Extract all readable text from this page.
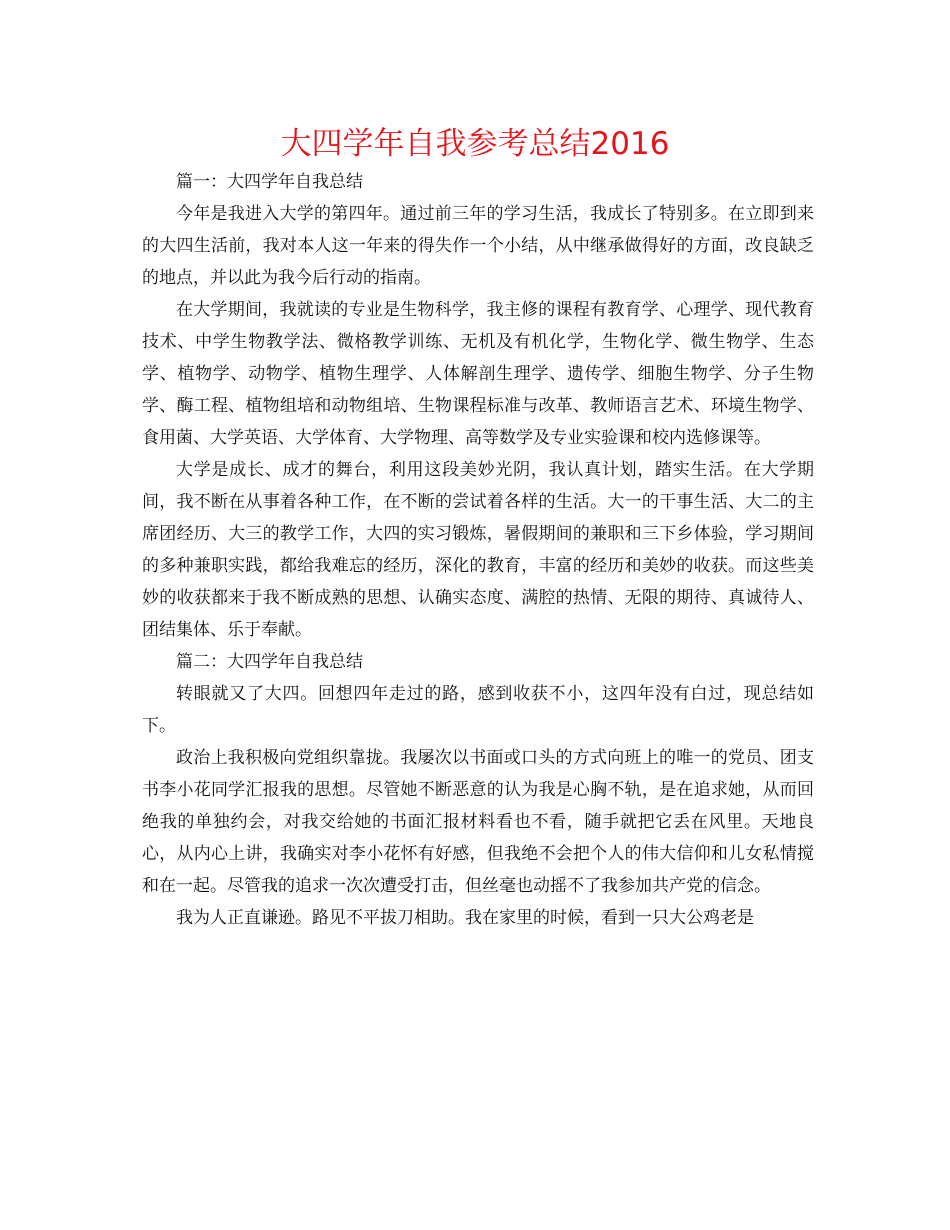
大四学年自我参考总结2016

篇一：大四学年自我总结

今年是我进入大学的第四年。通过前三年的学习生活，我成长了特别多。在立即到来的大四生活前，我对本人这一年来的得失作一个小结，从中继承做得好的方面，改良缺乏的地点，并以此为我今后行动的指南。

在大学期间，我就读的专业是生物科学，我主修的课程有教育学、心理学、现代教育技术、中学生物教学法、微格教学训练、无机及有机化学，生物化学、微生物学、生态学、植物学、动物学、植物生理学、人体解剖生理学、遗传学、细胞生物学、分子生物学、酶工程、植物组培和动物组培、生物课程标准与改革、教师语言艺术、环境生物学、食用菌、大学英语、大学体育、大学物理、高等数学及专业实验课和校内选修课等。

大学是成长、成才的舞台，利用这段美妙光阴，我认真计划，踏实生活。在大学期间，我不断在从事着各种工作，在不断的尝试着各样的生活。大一的干事生活、大二的主席团经历、大三的教学工作，大四的实习锻炼，暑假期间的兼职和三下乡体验，学习期间的多种兼职实践，都给我难忘的经历，深化的教育，丰富的经历和美妙的收获。而这些美妙的收获都来于我不断成熟的思想、认确实态度、满腔的热情、无限的期待、真诚待人、团结集体、乐于奉献。

篇二：大四学年自我总结

转眼就又了大四。回想四年走过的路，感到收获不小，这四年没有白过，现总结如下。

政治上我积极向党组织靠拢。我屡次以书面或口头的方式向班上的唯一的党员、团支书李小花同学汇报我的思想。尽管她不断恶意的认为我是心胸不轨，是在追求她，从而回绝我的单独约会，对我交给她的书面汇报材料看也不看，随手就把它丢在风里。天地良心，从内心上讲，我确实对李小花怀有好感，但我绝不会把个人的伟大信仰和儿女私情搅和在一起。尽管我的追求一次次遭受打击，但丝毫也动摇不了我参加共产党的信念。

我为人正直谦逊。路见不平拔刀相助。我在家里的时候，看到一只大公鸡老是
